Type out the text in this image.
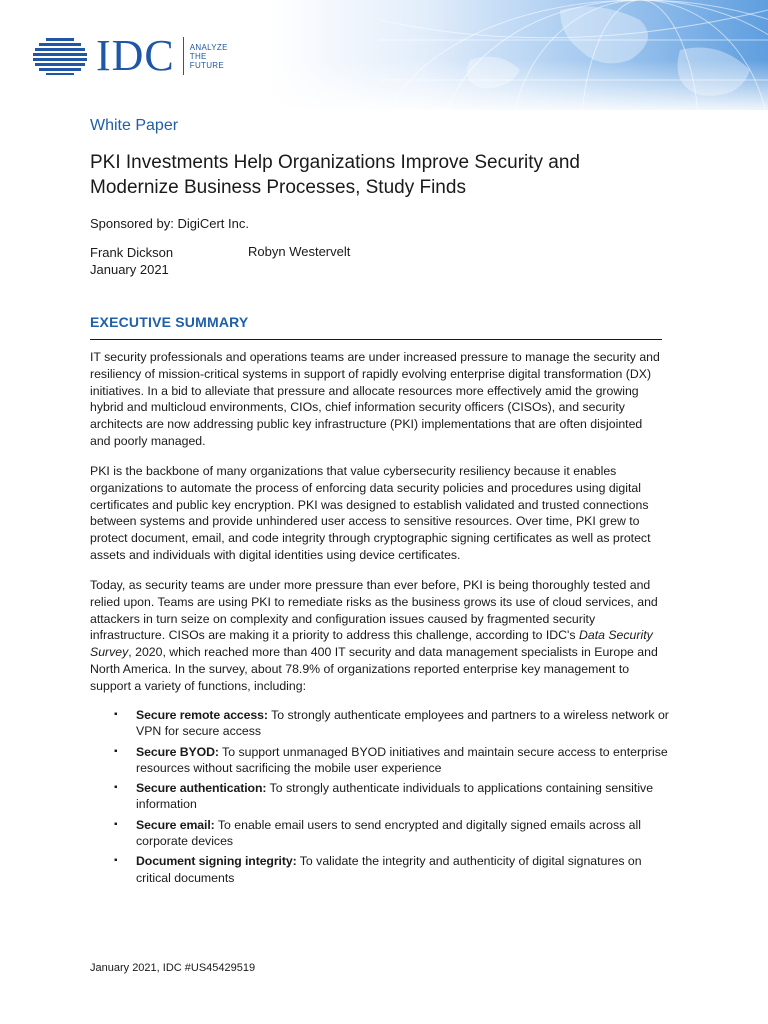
IDC ANALYZE
THE
FUTURE
White Paper
PKI Investments Help Organizations Improve Security and
Modernize Business Processes, Study Finds
Sponsored by: DigiCert Inc.
Frank Dickson
January 2021
Robyn Westervelt
EXECUTIVE SUMMARY

IT security professionals and operations teams are under increased pressure to manage the security and resiliency of mission-critical systems in support of rapidly evolving enterprise digital transformation (DX) initiatives. In a bid to alleviate that pressure and allocate resources more effectively amid the growing hybrid and multicloud environments, CIOs, chief information security officers (CISOs), and security architects are now addressing public key infrastructure (PKI) implementations that are often disjointed and poorly managed.

PKI is the backbone of many organizations that value cybersecurity resiliency because it enables organizations to automate the process of enforcing data security policies and procedures using digital certificates and public key encryption. PKI was designed to establish validated and trusted connections between systems and provide unhindered user access to sensitive resources. Over time, PKI grew to protect document, email, and code integrity through cryptographic signing certificates as well as protect assets and individuals with digital identities using device certificates.

Today, as security teams are under more pressure than ever before, PKI is being thoroughly tested and relied upon. Teams are using PKI to remediate risks as the business grows its use of cloud services, and attackers in turn seize on complexity and configuration issues caused by fragmented security infrastructure. CISOs are making it a priority to address this challenge, according to IDC's Data Security Survey, 2020, which reached more than 400 IT security and data management specialists in Europe and North America. In the survey, about 78.9% of organizations reported enterprise key management to support a variety of functions, including:

▪ Secure remote access: To strongly authenticate employees and partners to a wireless network or VPN for secure access
▪ Secure BYOD: To support unmanaged BYOD initiatives and maintain secure access to enterprise resources without sacrificing the mobile user experience
▪ Secure authentication: To strongly authenticate individuals to applications containing sensitive information
▪ Secure email: To enable email users to send encrypted and digitally signed emails across all corporate devices
▪ Document signing integrity: To validate the integrity and authenticity of digital signatures on critical documents
January 2021, IDC #US45429519
